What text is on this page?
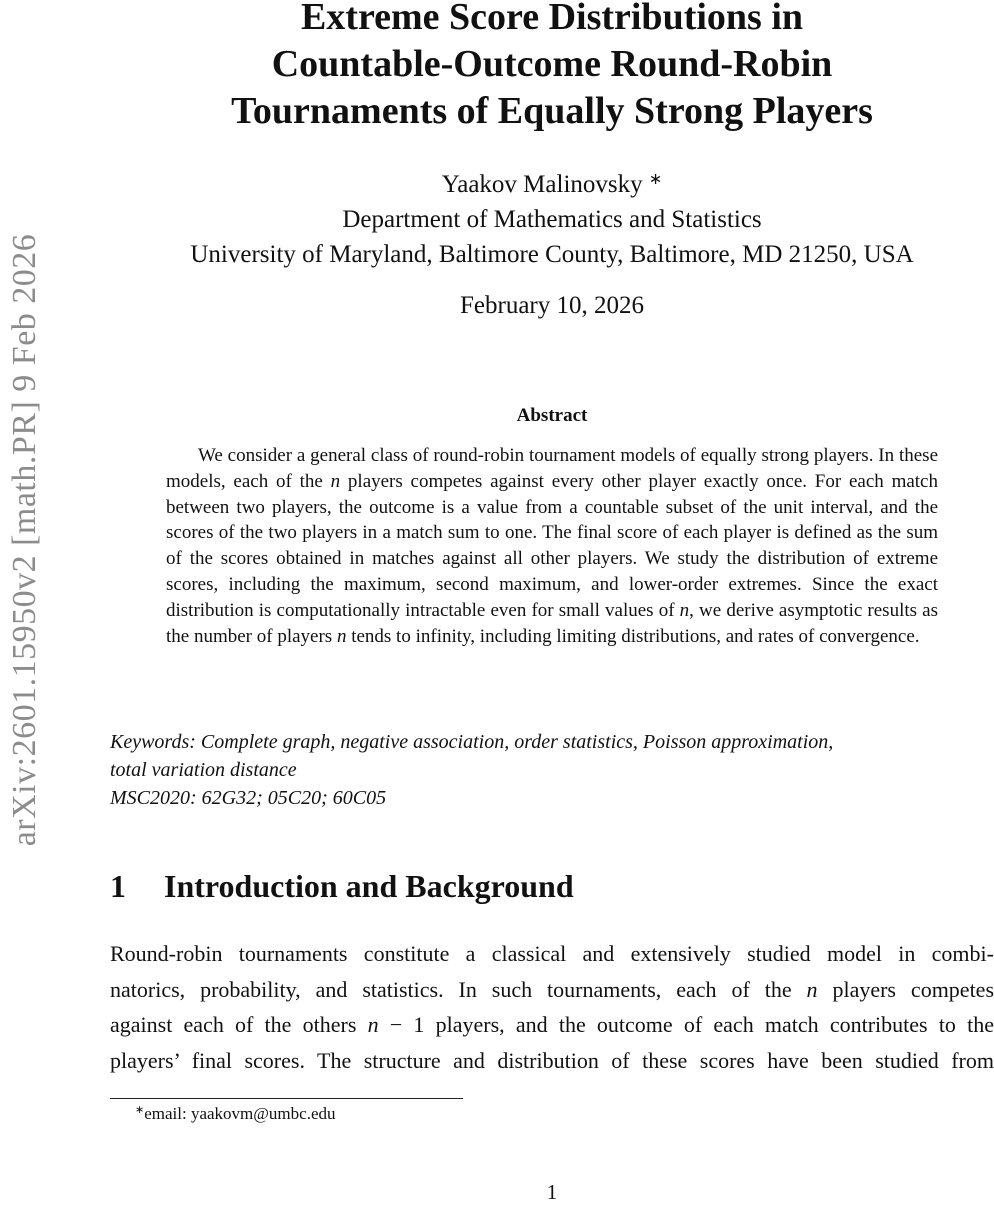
arXiv:2601.15950v2 [math.PR] 9 Feb 2026
Extreme Score Distributions in
Countable-Outcome Round-Robin
Tournaments of Equally Strong Players
Yaakov Malinovsky ∗
Department of Mathematics and Statistics
University of Maryland, Baltimore County, Baltimore, MD 21250, USA
February 10, 2026
Abstract

We consider a general class of round-robin tournament models of equally strong players. In these models, each of the n players competes against every other player exactly once. For each match between two players, the outcome is a value from a countable subset of the unit interval, and the scores of the two players in a match sum to one. The final score of each player is defined as the sum of the scores obtained in matches against all other players. We study the distribution of extreme scores, including the maximum, second maximum, and lower-order extremes. Since the exact distribution is computationally intractable even for small values of n, we derive asymptotic results as the number of players n tends to infinity, including limiting distributions, and rates of convergence.

Keywords: Complete graph, negative association, order statistics, Poisson approximation,
total variation distance
MSC2020: 62G32; 05C20; 60C05
1 Introduction and Background
Round-robin tournaments constitute a classical and extensively studied model in combi-
natorics, probability, and statistics. In such tournaments, each of the n players competes
against each of the others n − 1 players, and the outcome of each match contributes to the
players’ final scores. The structure and distribution of these scores have been studied from
∗email: yaakovm@umbc.edu
1
